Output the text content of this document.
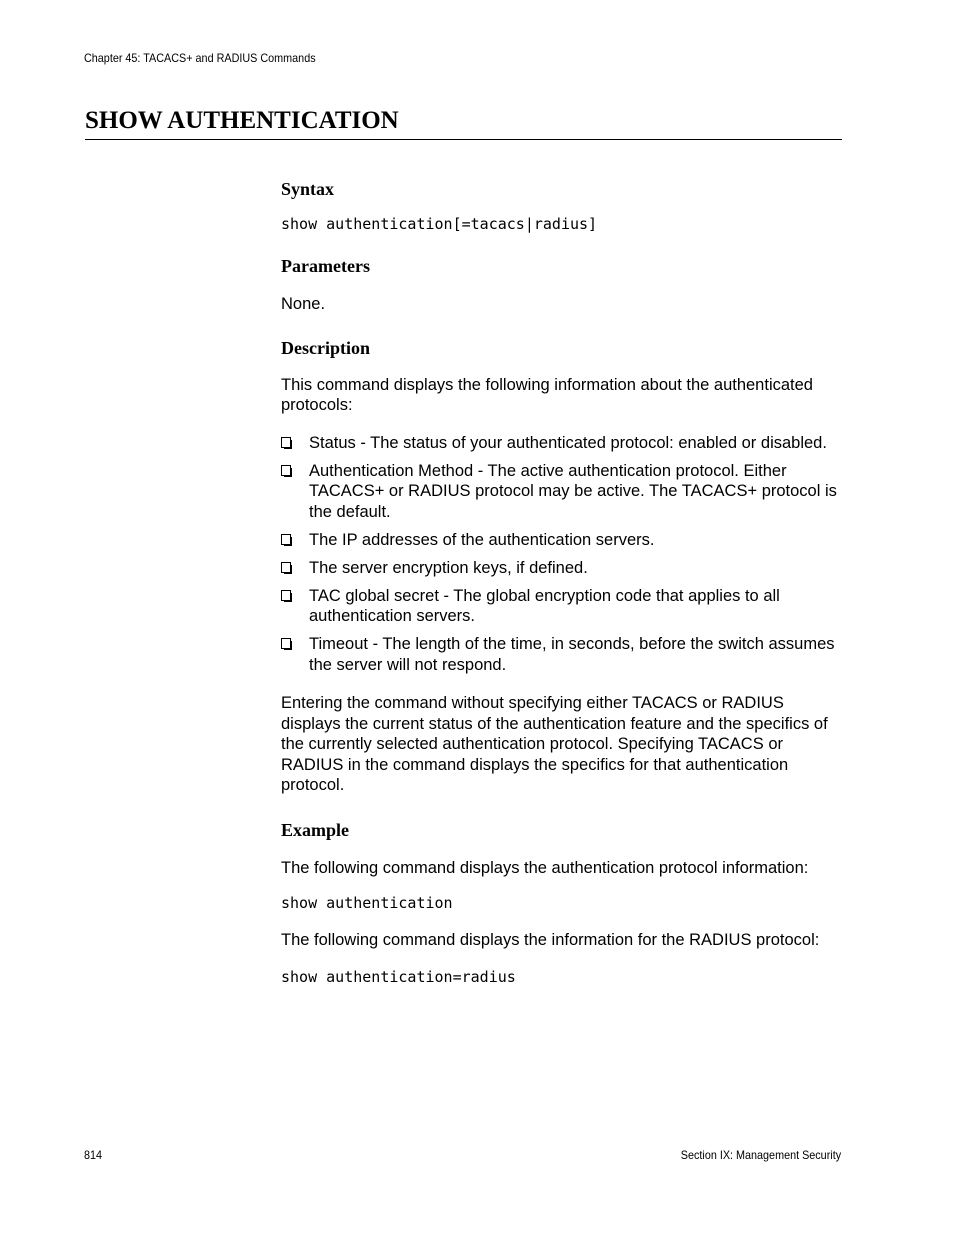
Chapter 45: TACACS+ and RADIUS Commands
SHOW AUTHENTICATION
Syntax

show authentication[=tacacs|radius]

Parameters

None.

Description

This command displays the following information about the authenticated protocols:

Status - The status of your authenticated protocol: enabled or disabled.
Authentication Method - The active authentication protocol. Either TACACS+ or RADIUS protocol may be active. The TACACS+ protocol is the default.
The IP addresses of the authentication servers.
The server encryption keys, if defined.
TAC global secret - The global encryption code that applies to all authentication servers.
Timeout - The length of the time, in seconds, before the switch assumes the server will not respond.

Entering the command without specifying either TACACS or RADIUS displays the current status of the authentication feature and the specifics of the currently selected authentication protocol. Specifying TACACS or RADIUS in the command displays the specifics for that authentication protocol.

Example

The following command displays the authentication protocol information:

show authentication

The following command displays the information for the RADIUS protocol:

show authentication=radius

814	Section IX: Management Security
